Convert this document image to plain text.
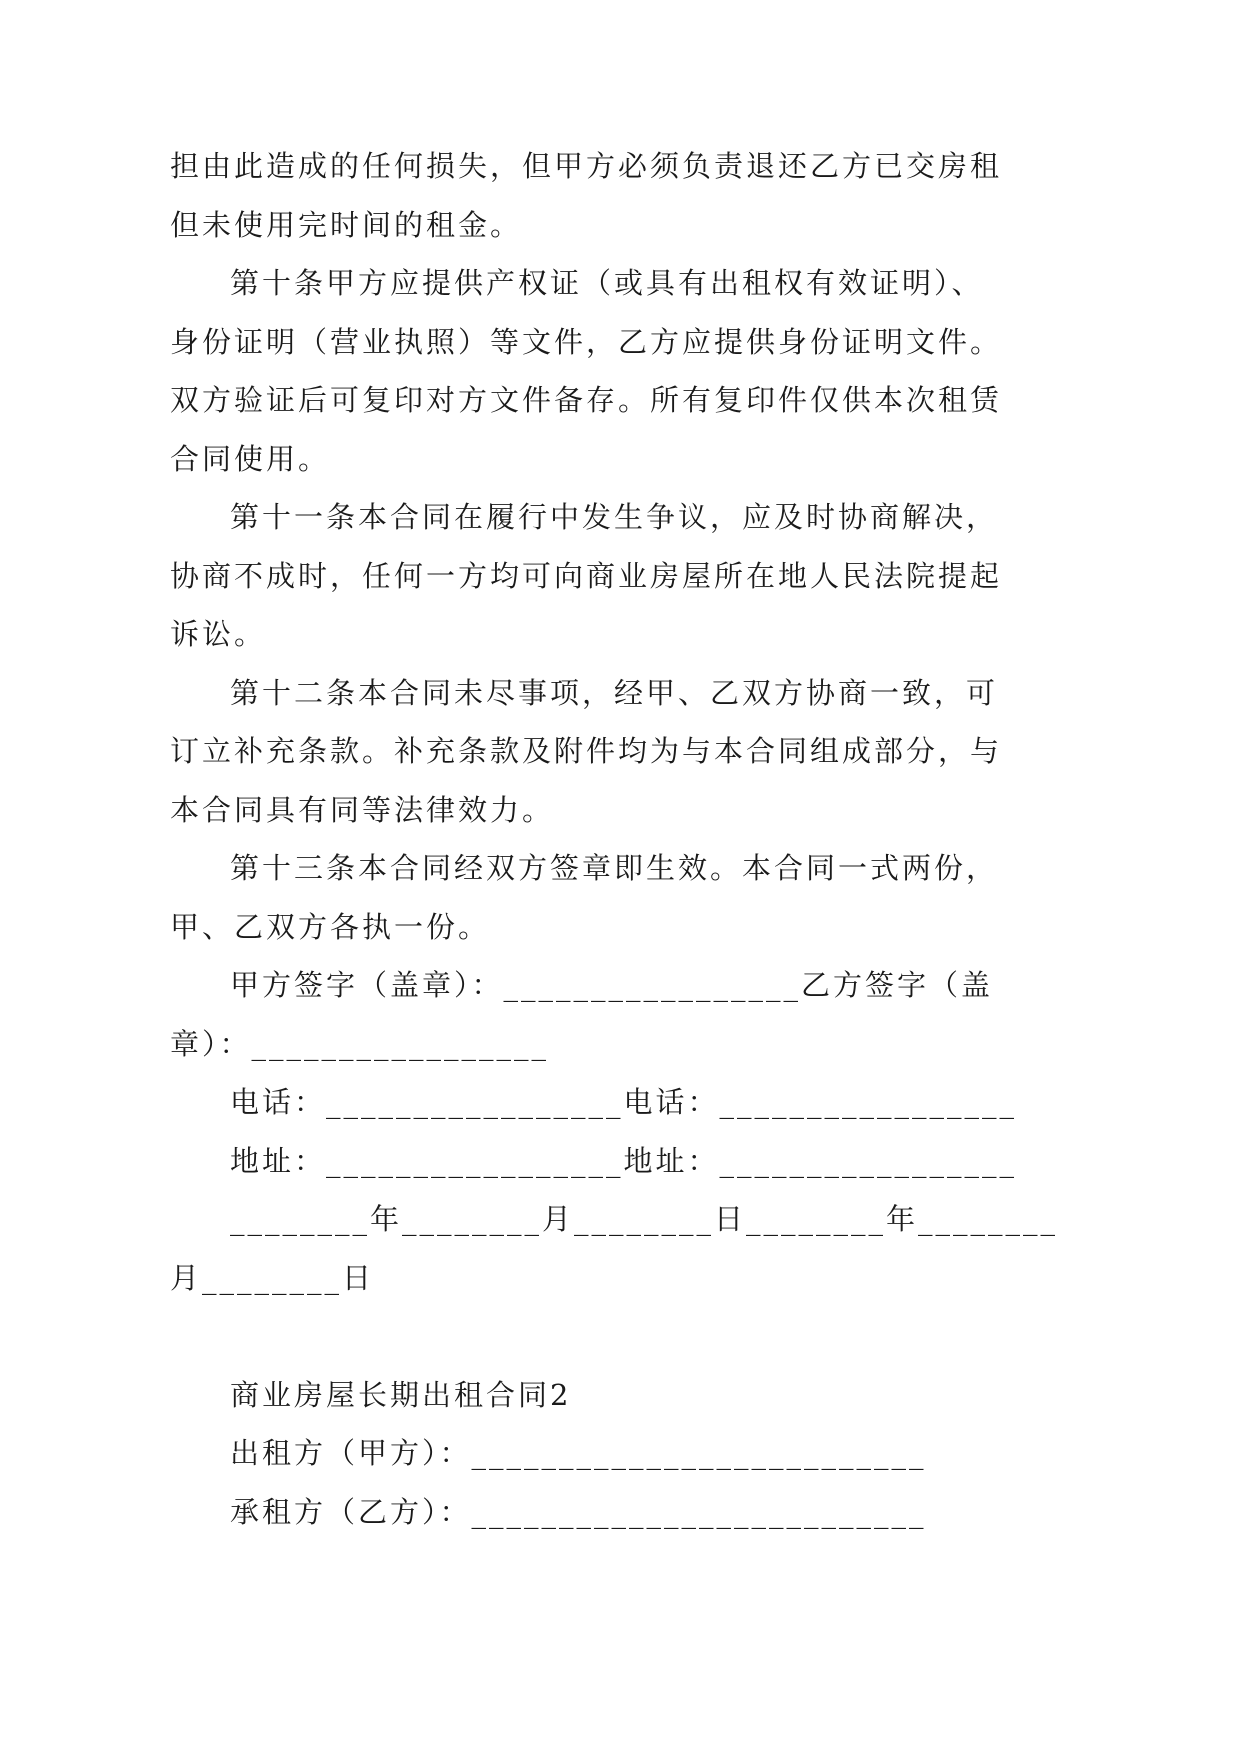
担由此造成的任何损失，但甲方必须负责退还乙方已交房租
但未使用完时间的租金。
第十条甲方应提供产权证（或具有出租权有效证明）、
身份证明（营业执照）等文件，乙方应提供身份证明文件。
双方验证后可复印对方文件备存。所有复印件仅供本次租赁
合同使用。
第十一条本合同在履行中发生争议，应及时协商解决，
协商不成时，任何一方均可向商业房屋所在地人民法院提起
诉讼。
第十二条本合同未尽事项，经甲、乙双方协商一致，可
订立补充条款。补充条款及附件均为与本合同组成部分，与
本合同具有同等法律效力。
第十三条本合同经双方签章即生效。本合同一式两份，
甲、乙双方各执一份。
甲方签字（盖章）：_________________乙方签字（盖
章）：_________________
电话：_________________电话：_________________
地址：_________________地址：_________________
________年________月________日________年________
月________日
商业房屋长期出租合同2
出租方（甲方）：__________________________
承租方（乙方）：__________________________
